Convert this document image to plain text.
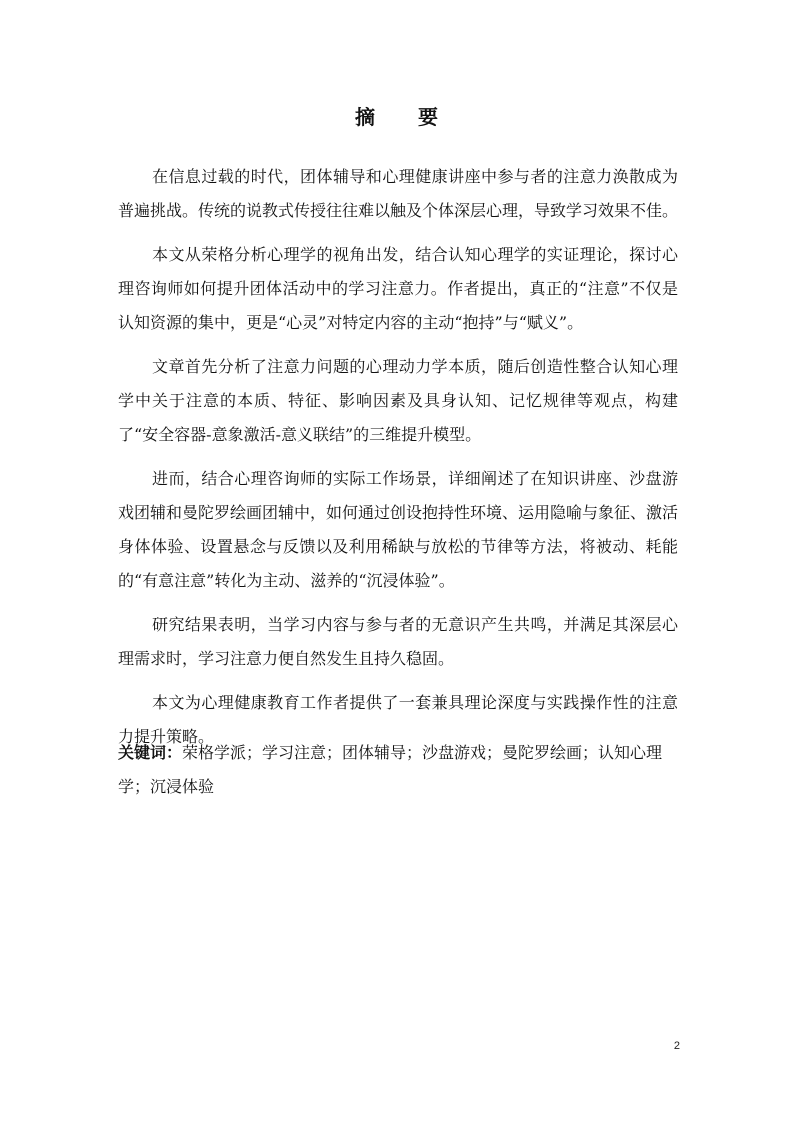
摘 要

在信息过载的时代，团体辅导和心理健康讲座中参与者的注意力涣散成为普遍挑战。传统的说教式传授往往难以触及个体深层心理，导致学习效果不佳。

本文从荣格分析心理学的视角出发，结合认知心理学的实证理论，探讨心理咨询师如何提升团体活动中的学习注意力。作者提出，真正的“注意”不仅是认知资源的集中，更是“心灵”对特定内容的主动“抱持”与“赋义”。

文章首先分析了注意力问题的心理动力学本质，随后创造性整合认知心理学中关于注意的本质、特征、影响因素及具身认知、记忆规律等观点，构建了“安全容器-意象激活-意义联结”的三维提升模型。

进而，结合心理咨询师的实际工作场景，详细阐述了在知识讲座、沙盘游戏团辅和曼陀罗绘画团辅中，如何通过创设抱持性环境、运用隐喻与象征、激活身体体验、设置悬念与反馈以及利用稀缺与放松的节律等方法，将被动、耗能的“有意注意”转化为主动、滋养的“沉浸体验”。

研究结果表明，当学习内容与参与者的无意识产生共鸣，并满足其深层心理需求时，学习注意力便自然发生且持久稳固。

本文为心理健康教育工作者提供了一套兼具理论深度与实践操作性的注意力提升策略。

关键词：荣格学派；学习注意；团体辅导；沙盘游戏；曼陀罗绘画；认知心理学；沉浸体验
2
